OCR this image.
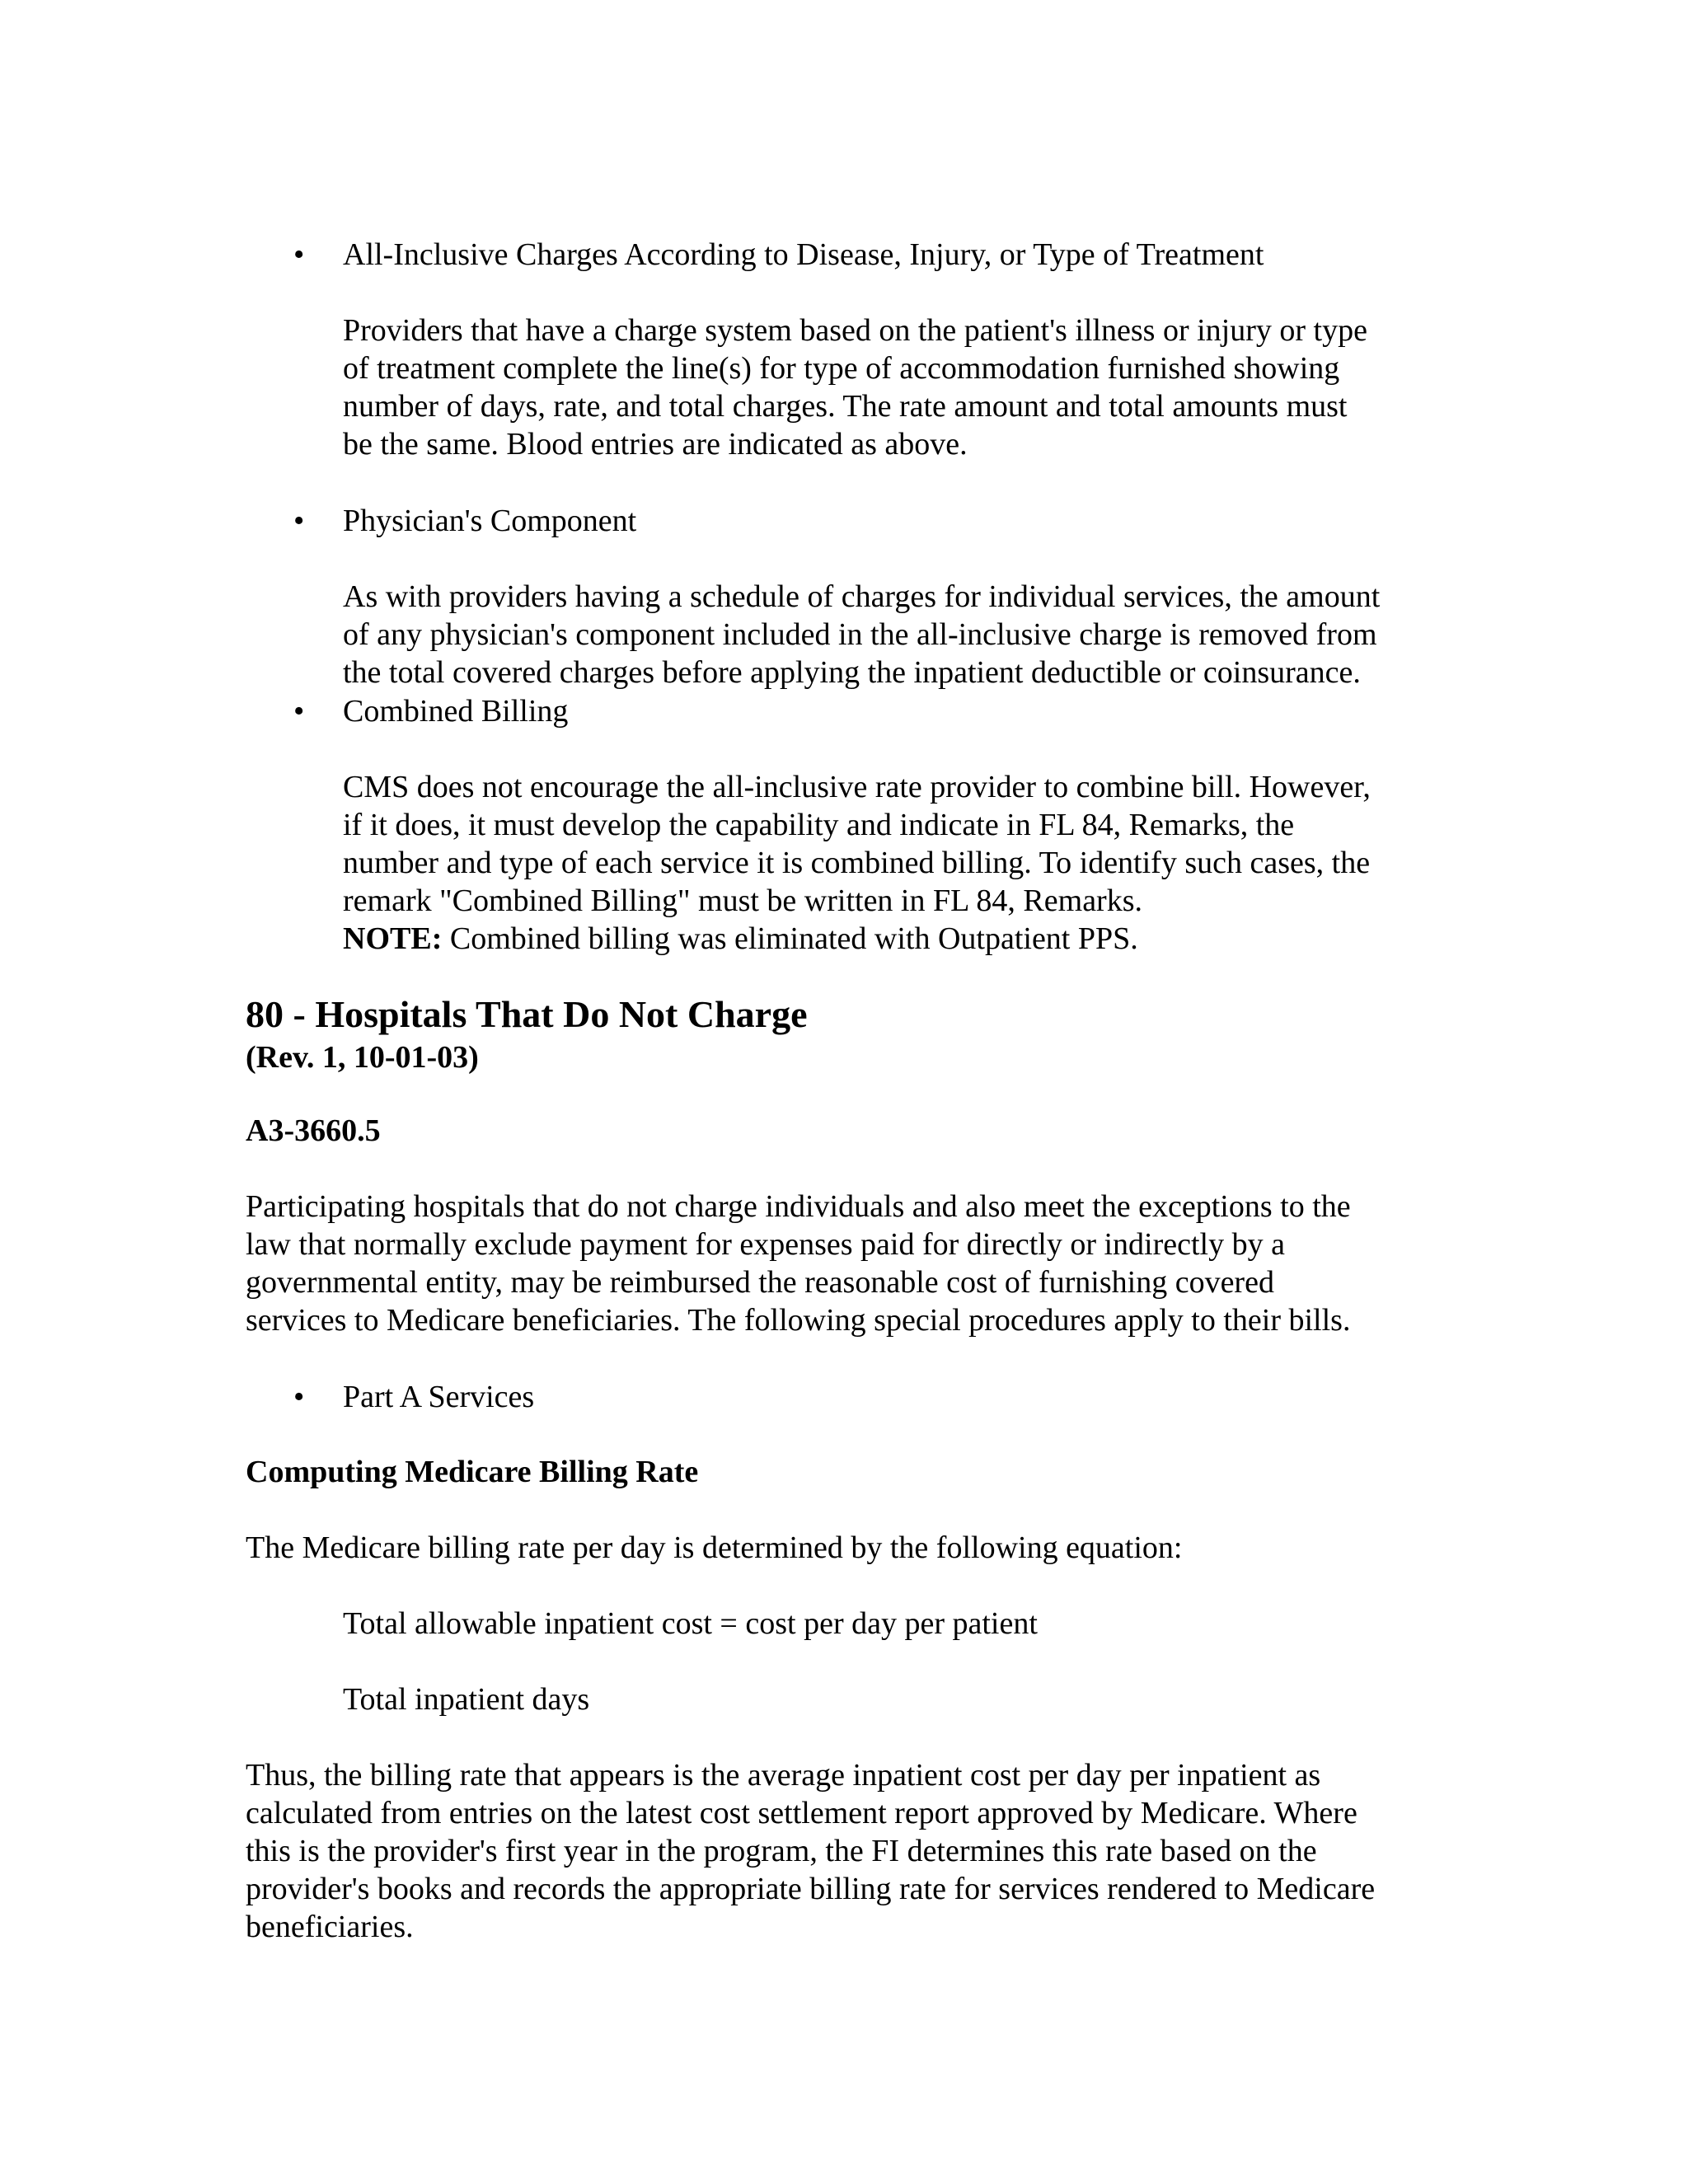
•	All-Inclusive Charges According to Disease, Injury, or Type of Treatment
Providers that have a charge system based on the patient's illness or injury or type
of treatment complete the line(s) for type of accommodation furnished showing
number of days, rate, and total charges. The rate amount and total amounts must
be the same. Blood entries are indicated as above.
•	Physician's Component
As with providers having a schedule of charges for individual services, the amount
of any physician's component included in the all-inclusive charge is removed from
the total covered charges before applying the inpatient deductible or coinsurance.
•	Combined Billing
CMS does not encourage the all-inclusive rate provider to combine bill. However,
if it does, it must develop the capability and indicate in FL 84, Remarks, the
number and type of each service it is combined billing. To identify such cases, the
remark "Combined Billing" must be written in FL 84, Remarks.
NOTE: Combined billing was eliminated with Outpatient PPS.
80 - Hospitals That Do Not Charge
(Rev. 1, 10-01-03)
A3-3660.5
Participating hospitals that do not charge individuals and also meet the exceptions to the
law that normally exclude payment for expenses paid for directly or indirectly by a
governmental entity, may be reimbursed the reasonable cost of furnishing covered
services to Medicare beneficiaries. The following special procedures apply to their bills.
•	Part A Services
Computing Medicare Billing Rate
The Medicare billing rate per day is determined by the following equation:
Total allowable inpatient cost = cost per day per patient
Total inpatient days
Thus, the billing rate that appears is the average inpatient cost per day per inpatient as
calculated from entries on the latest cost settlement report approved by Medicare. Where
this is the provider's first year in the program, the FI determines this rate based on the
provider's books and records the appropriate billing rate for services rendered to Medicare
beneficiaries.
